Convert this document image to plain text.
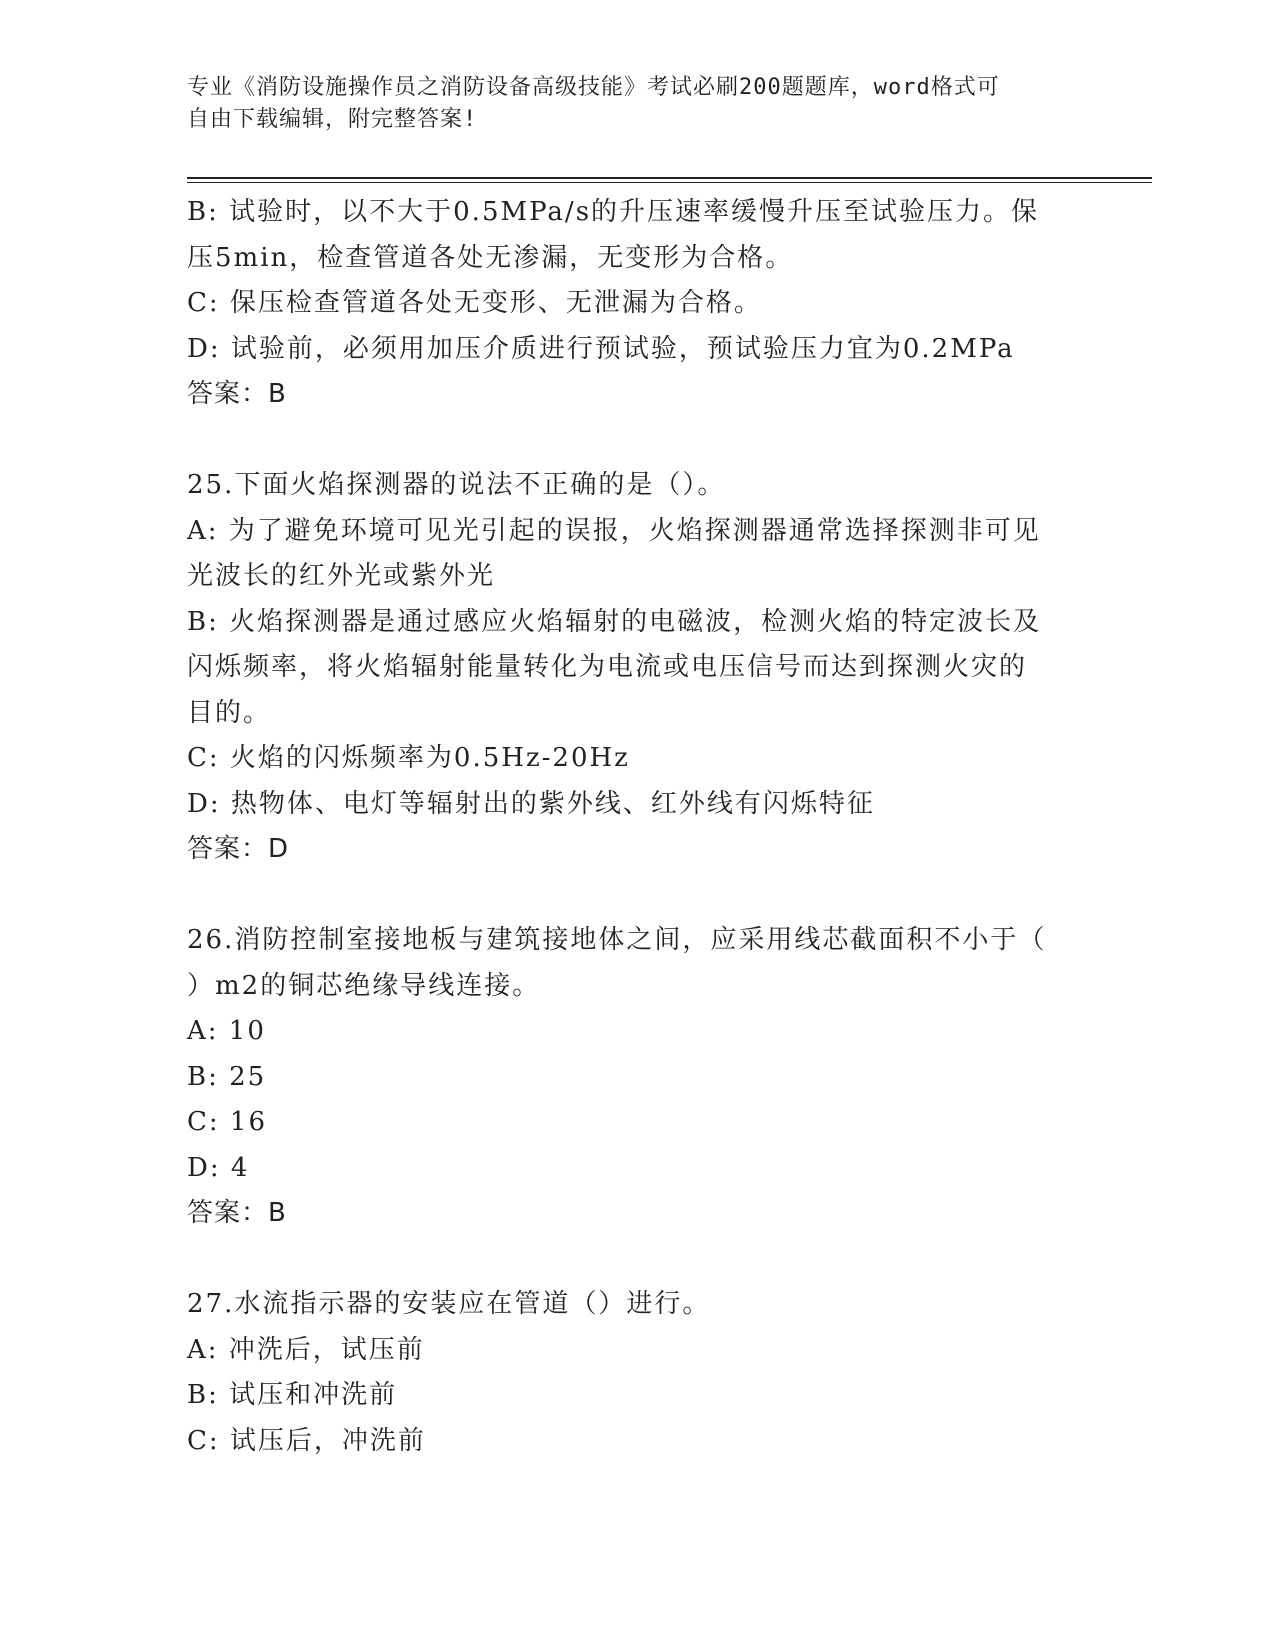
专业《消防设施操作员之消防设备高级技能》考试必刷200题题库，word格式可
自由下载编辑，附完整答案!
B: 试验时，以不大于0.5MPa/s的升压速率缓慢升压至试验压力。保
压5min，检查管道各处无渗漏，无变形为合格。
C: 保压检查管道各处无变形、无泄漏为合格。
D: 试验前，必须用加压介质进行预试验，预试验压力宜为0.2MPa
答案：B
25.下面火焰探测器的说法不正确的是（）。
A: 为了避免环境可见光引起的误报，火焰探测器通常选择探测非可见
光波长的红外光或紫外光
B: 火焰探测器是通过感应火焰辐射的电磁波，检测火焰的特定波长及
闪烁频率，将火焰辐射能量转化为电流或电压信号而达到探测火灾的
目的。
C: 火焰的闪烁频率为0.5Hz-20Hz
D: 热物体、电灯等辐射出的紫外线、红外线有闪烁特征
答案：D
26.消防控制室接地板与建筑接地体之间，应采用线芯截面积不小于（
）m2的铜芯绝缘导线连接。
A: 10
B: 25
C: 16
D: 4
答案：B
27.水流指示器的安装应在管道（）进行。
A: 冲洗后，试压前
B: 试压和冲洗前
C: 试压后，冲洗前
